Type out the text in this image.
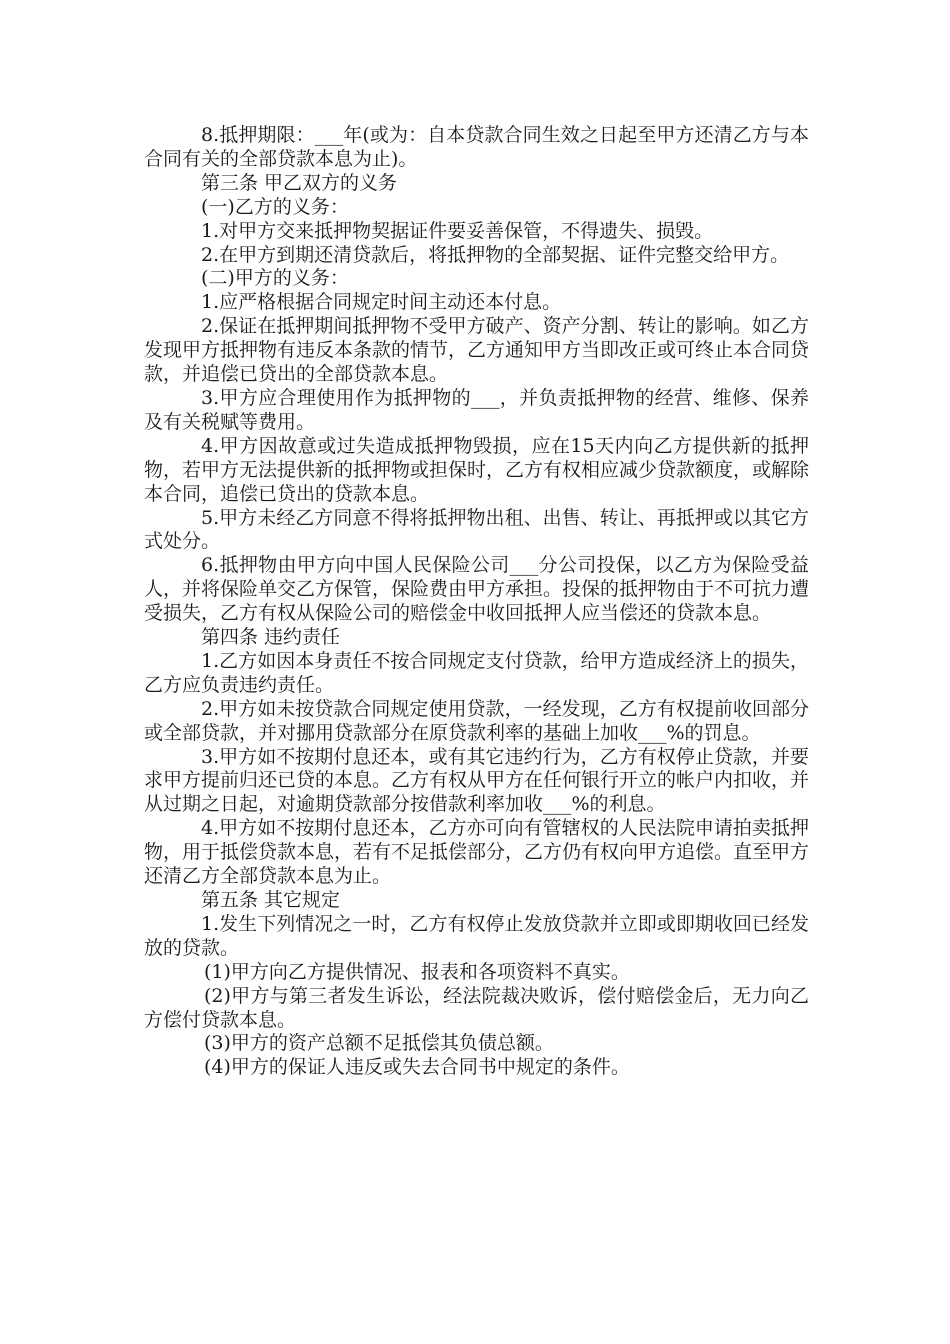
8.抵押期限：___年(或为：自本贷款合同生效之日起至甲方还清乙方与本合同有关的全部贷款本息为止)。

第三条 甲乙双方的义务

(一)乙方的义务：

1.对甲方交来抵押物契据证件要妥善保管，不得遗失、损毁。

2.在甲方到期还清贷款后，将抵押物的全部契据、证件完整交给甲方。

(二)甲方的义务：

1.应严格根据合同规定时间主动还本付息。

2.保证在抵押期间抵押物不受甲方破产、资产分割、转让的影响。如乙方发现甲方抵押物有违反本条款的情节，乙方通知甲方当即改正或可终止本合同贷款，并追偿已贷出的全部贷款本息。

3.甲方应合理使用作为抵押物的___，并负责抵押物的经营、维修、保养及有关税赋等费用。

4.甲方因故意或过失造成抵押物毁损，应在15天内向乙方提供新的抵押物，若甲方无法提供新的抵押物或担保时，乙方有权相应减少贷款额度，或解除本合同，追偿已贷出的贷款本息。

5.甲方未经乙方同意不得将抵押物出租、出售、转让、再抵押或以其它方式处分。

6.抵押物由甲方向中国人民保险公司___分公司投保，以乙方为保险受益人，并将保险单交乙方保管，保险费由甲方承担。投保的抵押物由于不可抗力遭受损失，乙方有权从保险公司的赔偿金中收回抵押人应当偿还的贷款本息。

第四条 违约责任

1.乙方如因本身责任不按合同规定支付贷款，给甲方造成经济上的损失，乙方应负责违约责任。

2.甲方如未按贷款合同规定使用贷款，一经发现，乙方有权提前收回部分或全部贷款，并对挪用贷款部分在原贷款利率的基础上加收___%的罚息。

3.甲方如不按期付息还本，或有其它违约行为，乙方有权停止贷款，并要求甲方提前归还已贷的本息。乙方有权从甲方在任何银行开立的帐户内扣收，并从过期之日起，对逾期贷款部分按借款利率加收___%的利息。

4.甲方如不按期付息还本，乙方亦可向有管辖权的人民法院申请拍卖抵押物，用于抵偿贷款本息，若有不足抵偿部分，乙方仍有权向甲方追偿。直至甲方还清乙方全部贷款本息为止。

第五条 其它规定

1.发生下列情况之一时，乙方有权停止发放贷款并立即或即期收回已经发放的贷款。

(1)甲方向乙方提供情况、报表和各项资料不真实。

(2)甲方与第三者发生诉讼，经法院裁决败诉，偿付赔偿金后，无力向乙方偿付贷款本息。

(3)甲方的资产总额不足抵偿其负债总额。

(4)甲方的保证人违反或失去合同书中规定的条件。
